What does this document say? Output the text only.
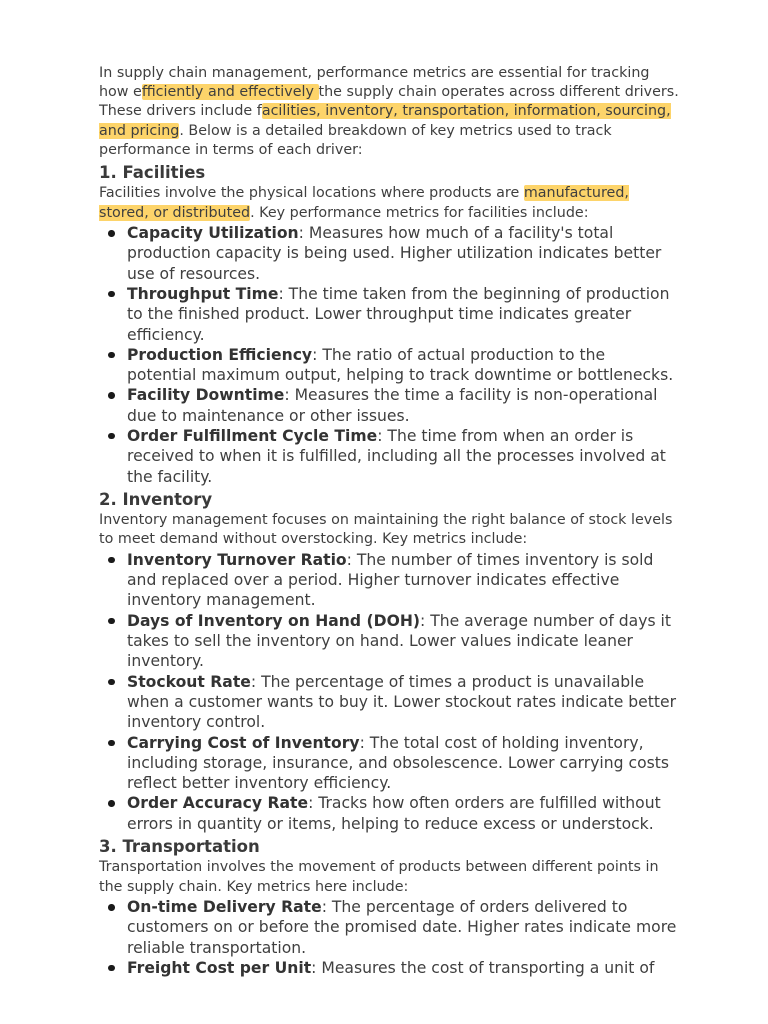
In supply chain management, performance metrics are essential for tracking how efficiently and effectively the supply chain operates across different drivers. These drivers include facilities, inventory, transportation, information, sourcing, and pricing. Below is a detailed breakdown of key metrics used to track performance in terms of each driver:

1. Facilities

Facilities involve the physical locations where products are manufactured, stored, or distributed. Key performance metrics for facilities include:

Capacity Utilization: Measures how much of a facility's total production capacity is being used. Higher utilization indicates better use of resources.
Throughput Time: The time taken from the beginning of production to the finished product. Lower throughput time indicates greater efficiency.
Production Efficiency: The ratio of actual production to the potential maximum output, helping to track downtime or bottlenecks.
Facility Downtime: Measures the time a facility is non-operational due to maintenance or other issues.
Order Fulfillment Cycle Time: The time from when an order is received to when it is fulfilled, including all the processes involved at the facility.
2. Inventory

Inventory management focuses on maintaining the right balance of stock levels to meet demand without overstocking. Key metrics include:

Inventory Turnover Ratio: The number of times inventory is sold and replaced over a period. Higher turnover indicates effective inventory management.
Days of Inventory on Hand (DOH): The average number of days it takes to sell the inventory on hand. Lower values indicate leaner inventory.
Stockout Rate: The percentage of times a product is unavailable when a customer wants to buy it. Lower stockout rates indicate better inventory control.
Carrying Cost of Inventory: The total cost of holding inventory, including storage, insurance, and obsolescence. Lower carrying costs reflect better inventory efficiency.
Order Accuracy Rate: Tracks how often orders are fulfilled without errors in quantity or items, helping to reduce excess or understock.
3. Transportation

Transportation involves the movement of products between different points in the supply chain. Key metrics here include:

On-time Delivery Rate: The percentage of orders delivered to customers on or before the promised date. Higher rates indicate more reliable transportation.
Freight Cost per Unit: Measures the cost of transporting a unit of
